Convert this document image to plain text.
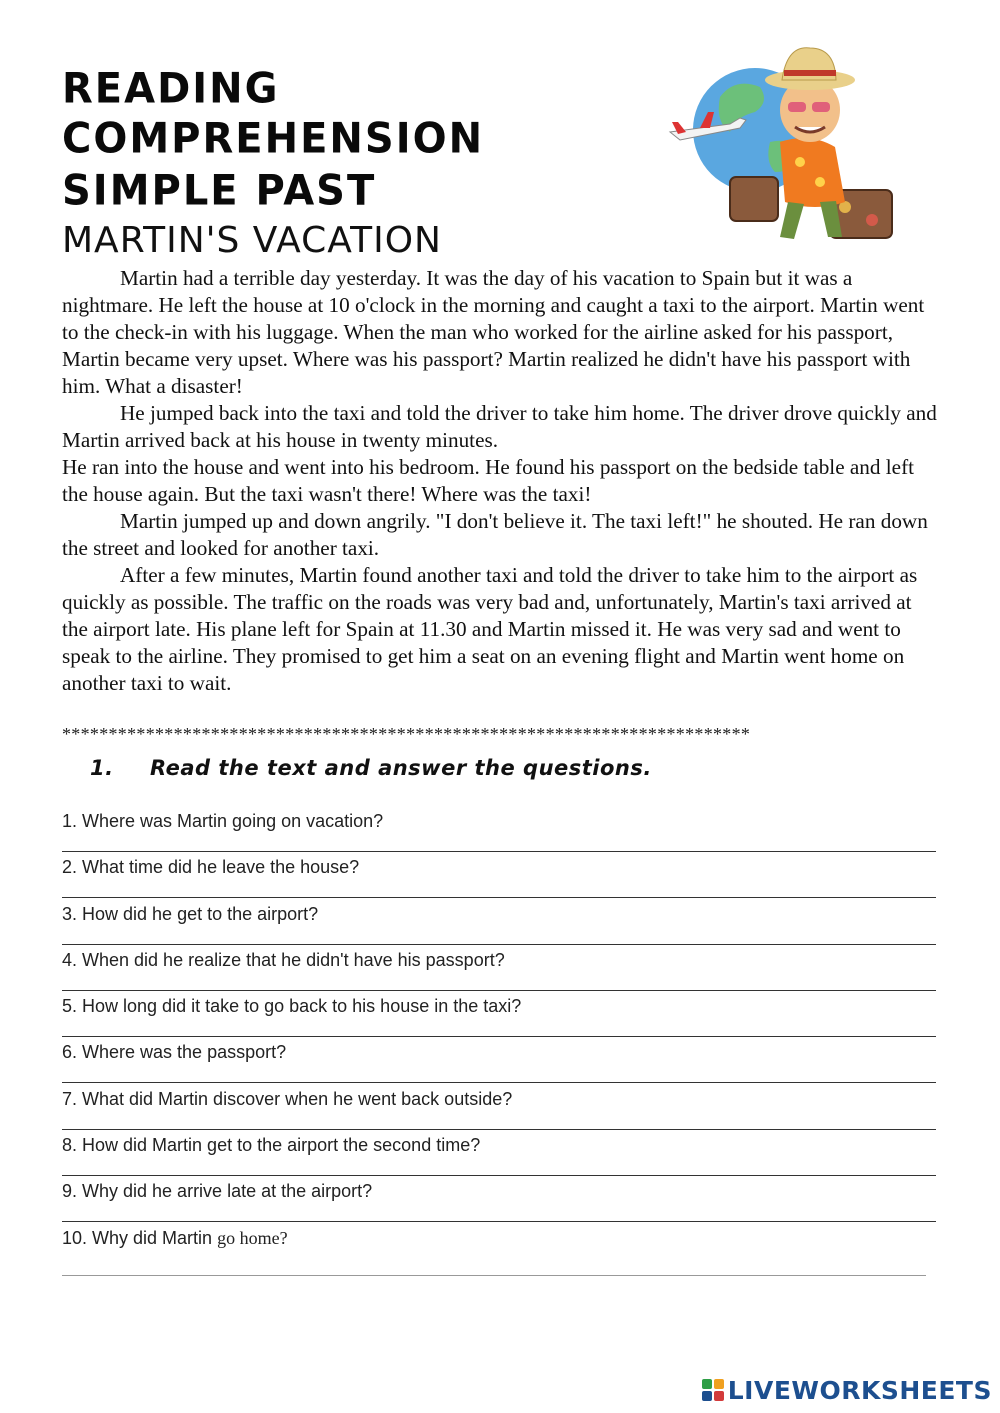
READING
COMPREHENSION
SIMPLE PAST
MARTIN'S VACATION

Martin had a terrible day yesterday. It was the day of his vacation to Spain but it was a nightmare. He left the house at 10 o'clock in the morning and caught a taxi to the airport. Martin went to the check-in with his luggage. When the man who worked for the airline asked for his passport, Martin became very upset. Where was his passport? Martin realized he didn't have his passport with him. What a disaster!

He jumped back into the taxi and told the driver to take him home. The driver drove quickly and Martin arrived back at his house in twenty minutes.

He ran into the house and went into his bedroom. He found his passport on the bedside table and left the house again. But the taxi wasn't there! Where was the taxi!

Martin jumped up and down angrily. "I don't believe it. The taxi left!" he shouted. He ran down the street and looked for another taxi.

After a few minutes, Martin found another taxi and told the driver to take him to the airport as quickly as possible. The traffic on the roads was very bad and, unfortunately, Martin's taxi arrived at the airport late. His plane left for Spain at 11.30 and Martin missed it. He was very sad and went to speak to the airline. They promised to get him a seat on an evening flight and Martin went home on another taxi to wait.

**************************************************************************
1. Read the text and answer the questions.
1. Where was Martin going on vacation?
2. What time did he leave the house?
3. How did he get to the airport?
4. When did he realize that he didn't have his passport?
5. How long did it take to go back to his house in the taxi?
6. Where was the passport?
7. What did Martin discover when he went back outside?
8. How did Martin get to the airport the second time?
9. Why did he arrive late at the airport?
10. Why did Martin go home?
LIVEWORKSHEETS
